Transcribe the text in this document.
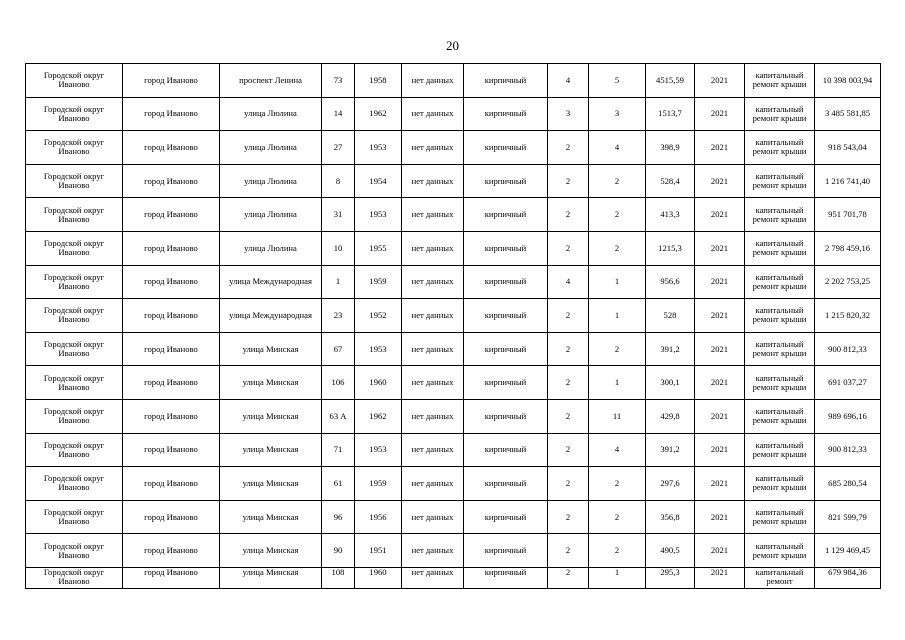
20
Городской округ Иваново	город Иваново	проспект Ленина	73	1958	нет данных	кирпичный	4	5	4515,59	2021	капитальный ремонт крыши	10 398 003,94
Городской округ Иваново	город Иваново	улица Люлина	14	1962	нет данных	кирпичный	3	3	1513,7	2021	капитальный ремонт крыши	3 485 581,85
Городской округ Иваново	город Иваново	улица Люлина	27	1953	нет данных	кирпичный	2	4	398,9	2021	капитальный ремонт крыши	918 543,04
Городской округ Иваново	город Иваново	улица Люлина	8	1954	нет данных	кирпичный	2	2	528,4	2021	капитальный ремонт крыши	1 216 741,40
Городской округ Иваново	город Иваново	улица Люлина	31	1953	нет данных	кирпичный	2	2	413,3	2021	капитальный ремонт крыши	951 701,78
Городской округ Иваново	город Иваново	улица Люлина	10	1955	нет данных	кирпичный	2	2	1215,3	2021	капитальный ремонт крыши	2 798 459,16
Городской округ Иваново	город Иваново	улица Международная	1	1959	нет данных	кирпичный	4	1	956,6	2021	капитальный ремонт крыши	2 202 753,25
Городской округ Иваново	город Иваново	улица Международная	23	1952	нет данных	кирпичный	2	1	528	2021	капитальный ремонт крыши	1 215 820,32
Городской округ Иваново	город Иваново	улица Минская	67	1953	нет данных	кирпичный	2	2	391,2	2021	капитальный ремонт крыши	900 812,33
Городской округ Иваново	город Иваново	улица Минская	106	1960	нет данных	кирпичный	2	1	300,1	2021	капитальный ремонт крыши	691 037,27
Городской округ Иваново	город Иваново	улица Минская	63 А	1962	нет данных	кирпичный	2	11	429,8	2021	капитальный ремонт крыши	989 696,16
Городской округ Иваново	город Иваново	улица Минская	71	1953	нет данных	кирпичный	2	4	391,2	2021	капитальный ремонт крыши	900 812,33
Городской округ Иваново	город Иваново	улица Минская	61	1959	нет данных	кирпичный	2	2	297,6	2021	капитальный ремонт крыши	685 280,54
Городской округ Иваново	город Иваново	улица Минская	96	1956	нет данных	кирпичный	2	2	356,8	2021	капитальный ремонт крыши	821 599,79
Городской округ Иваново	город Иваново	улица Минская	90	1951	нет данных	кирпичный	2	2	490,5	2021	капитальный ремонт крыши	1 129 469,45
Городской округ Иваново	город Иваново	улица Минская	108	1960	нет данных	кирпичный	2	1	295,3	2021	капитальный ремонт	679 984,36
